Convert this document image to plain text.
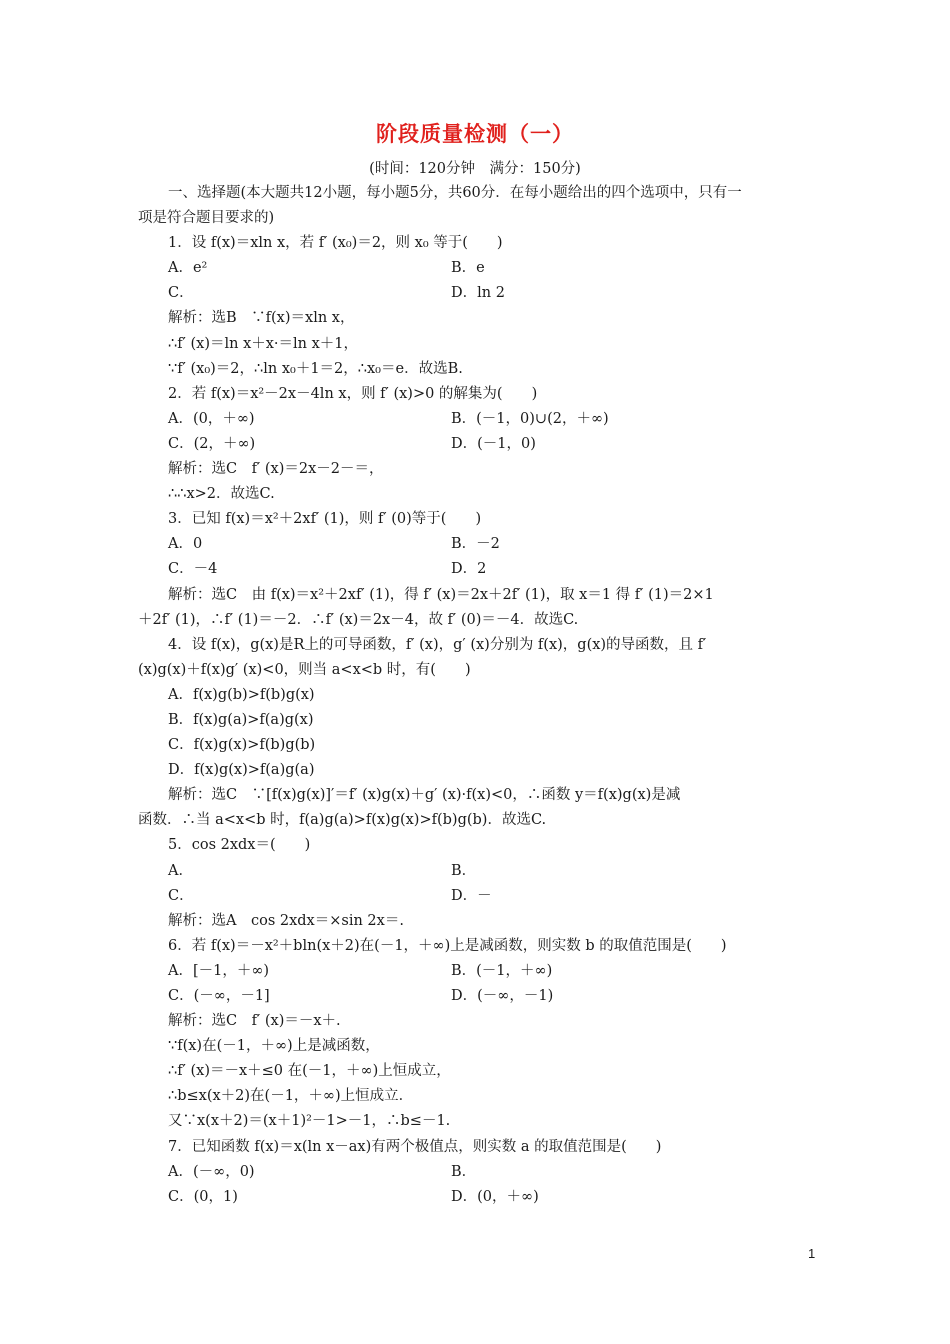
阶段质量检测（一）
(时间：120分钟　满分：150分)
一、选择题(本大题共12小题，每小题5分，共60分．在每小题给出的四个选项中，只有一
项是符合题目要求的)
1．设 f(x)＝xln x，若 f′ (x₀)＝2，则 x₀ 等于(　　)
A．e²	B．e
C．	D．ln 2
解析：选B　∵f(x)＝xln x，
∴f′ (x)＝ln x＋x·＝ln x＋1，
∵f′ (x₀)＝2，∴ln x₀＋1＝2，∴x₀＝e．故选B.
2．若 f(x)＝x²－2x－4ln x，则 f′ (x)>0 的解集为(　　)
A．(0，＋∞)	B．(－1，0)∪(2，＋∞)
C．(2，＋∞)	D．(－1，0)
解析：选C　f′ (x)＝2x－2－＝，
∴∴x>2．故选C.
3．已知 f(x)＝x²＋2xf′ (1)，则 f′ (0)等于(　　)
A．0	B．－2
C．－4	D．2
解析：选C　由 f(x)＝x²＋2xf′ (1)，得 f′ (x)＝2x＋2f′ (1)，取 x＝1 得 f′ (1)＝2×1
＋2f′ (1)，∴f′ (1)＝－2．∴f′ (x)＝2x－4，故 f′ (0)＝－4．故选C.
4．设 f(x)，g(x)是R上的可导函数，f′ (x)，g′ (x)分别为 f(x)，g(x)的导函数，且 f′
(x)g(x)＋f(x)g′ (x)<0，则当 a<x<b 时，有(　　)
A．f(x)g(b)>f(b)g(x)
B．f(x)g(a)>f(a)g(x)
C．f(x)g(x)>f(b)g(b)
D．f(x)g(x)>f(a)g(a)
解析：选C　∵[f(x)g(x)]′＝f′ (x)g(x)＋g′ (x)·f(x)<0，∴函数 y＝f(x)g(x)是减
函数．∴当 a<x<b 时，f(a)g(a)>f(x)g(x)>f(b)g(b)．故选C.
5．cos 2xdx＝(　　)
A．	B．
C．	D．－
解析：选A　cos 2xdx＝×sin 2x＝.
6．若 f(x)＝－x²＋bln(x＋2)在(－1，＋∞)上是减函数，则实数 b 的取值范围是(　　)
A．[－1，＋∞)	B．(－1，＋∞)
C．(－∞，－1]	D．(－∞，－1)
解析：选C　f′ (x)＝－x＋.
∵f(x)在(－1，＋∞)上是减函数，
∴f′ (x)＝－x＋≤0 在(－1，＋∞)上恒成立，
∴b≤x(x＋2)在(－1，＋∞)上恒成立．
又∵x(x＋2)＝(x＋1)²－1>－1，∴b≤－1.
7．已知函数 f(x)＝x(ln x－ax)有两个极值点，则实数 a 的取值范围是(　　)
A．(－∞，0)	B．
C．(0，1)	D．(0，＋∞)
1
